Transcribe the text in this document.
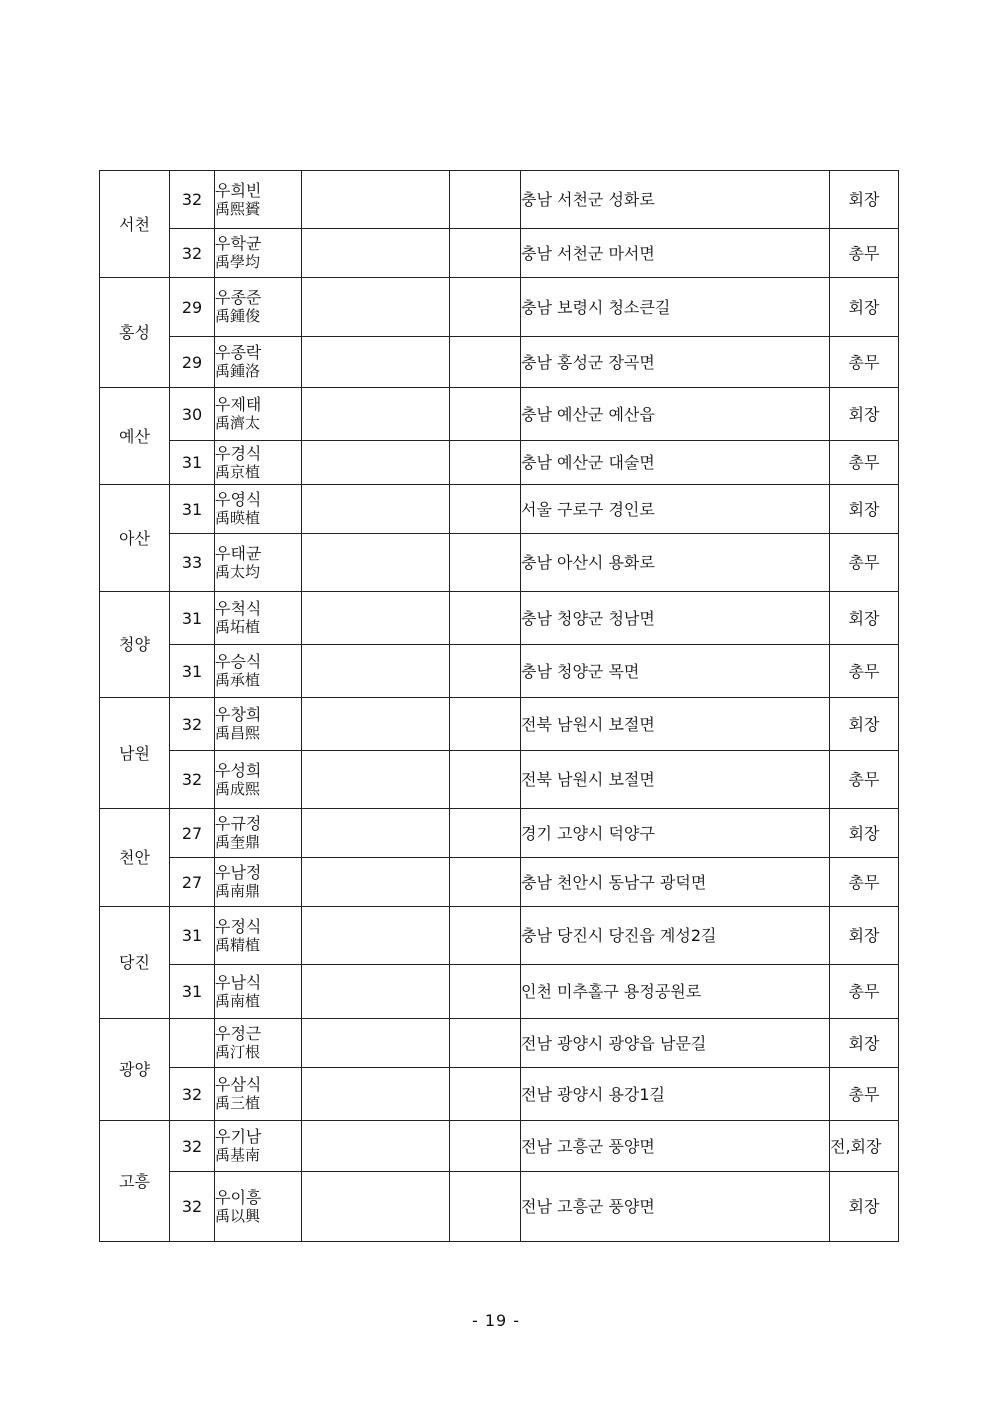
서천	32	우희빈
禹熙贇			충남 서천군 성화로	회장
	32	우학균
禹學均			충남 서천군 마서면	총무
홍성	29	우종준
禹鍾俊			충남 보령시 청소큰길	회장
	29	우종락
禹鍾洛			충남 홍성군 장곡면	총무
예산	30	우제태
禹濟太			충남 예산군 예산읍	회장
	31	우경식
禹京植			충남 예산군 대술면	총무
아산	31	우영식
禹暎植			서울 구로구 경인로	회장
	33	우태균
禹太均			충남 아산시 용화로	총무
청양	31	우척식
禹坧植			충남 청양군 청남면	회장
	31	우승식
禹承植			충남 청양군 목면	총무
남원	32	우창희
禹昌熙			전북 남원시 보절면	회장
	32	우성희
禹成熙			전북 남원시 보절면	총무
천안	27	우규정
禹奎鼎			경기 고양시 덕양구	회장
	27	우남정
禹南鼎			충남 천안시 동남구 광덕면	총무
당진	31	우정식
禹精植			충남 당진시 당진읍 계성2길	회장
	31	우남식
禹南植			인천 미추홀구 용정공원로	총무
광양		우정근
禹汀根			전남 광양시 광양읍 남문길	회장
	32	우삼식
禹三植			전남 광양시 용강1길	총무
고흥	32	우기남
禹基南			전남 고흥군 풍양면	전,회장
	32	우이흥
禹以興			전남 고흥군 풍양면	회장
- 19 -
